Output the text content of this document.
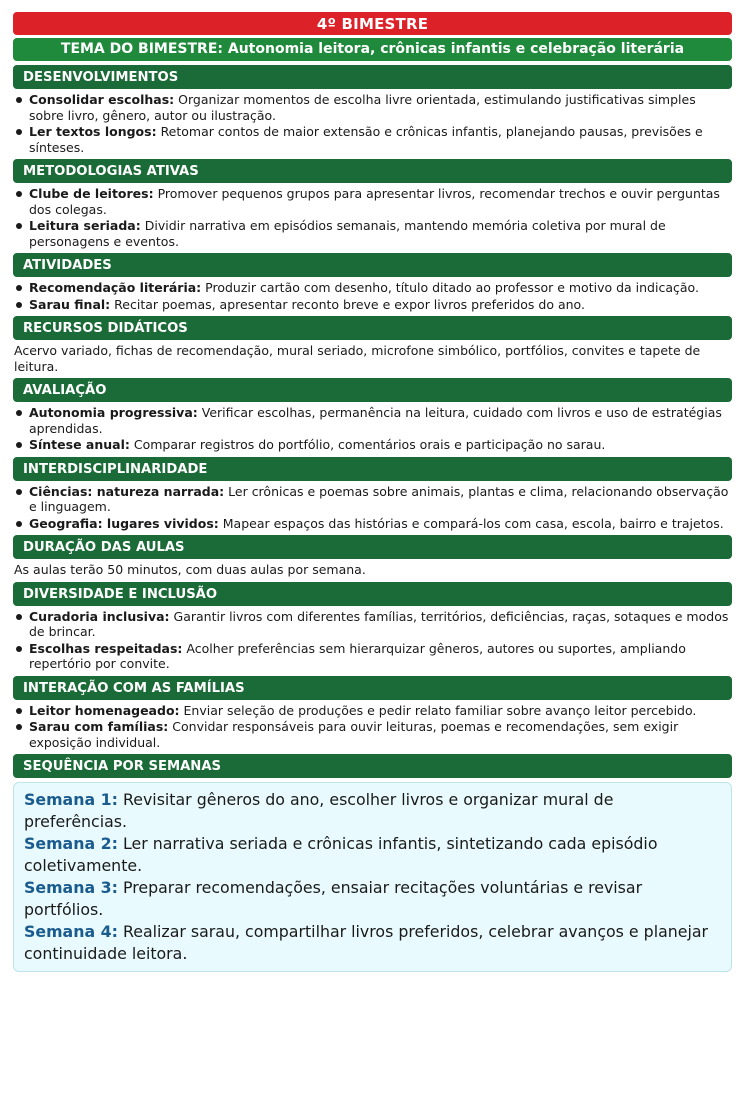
4º BIMESTRE
TEMA DO BIMESTRE: Autonomia leitora, crônicas infantis e celebração literária
DESENVOLVIMENTOS
Consolidar escolhas: Organizar momentos de escolha livre orientada, estimulando justificativas simples sobre livro, gênero, autor ou ilustração.
Ler textos longos: Retomar contos de maior extensão e crônicas infantis, planejando pausas, previsões e sínteses.
METODOLOGIAS ATIVAS
Clube de leitores: Promover pequenos grupos para apresentar livros, recomendar trechos e ouvir perguntas dos colegas.
Leitura seriada: Dividir narrativa em episódios semanais, mantendo memória coletiva por mural de personagens e eventos.
ATIVIDADES
Recomendação literária: Produzir cartão com desenho, título ditado ao professor e motivo da indicação.
Sarau final: Recitar poemas, apresentar reconto breve e expor livros preferidos do ano.
RECURSOS DIDÁTICOS
Acervo variado, fichas de recomendação, mural seriado, microfone simbólico, portfólios, convites e tapete de leitura.
AVALIAÇÃO
Autonomia progressiva: Verificar escolhas, permanência na leitura, cuidado com livros e uso de estratégias aprendidas.
Síntese anual: Comparar registros do portfólio, comentários orais e participação no sarau.
INTERDISCIPLINARIDADE
Ciências: natureza narrada: Ler crônicas e poemas sobre animais, plantas e clima, relacionando observação e linguagem.
Geografia: lugares vividos: Mapear espaços das histórias e compará-los com casa, escola, bairro e trajetos.
DURAÇÃO DAS AULAS
As aulas terão 50 minutos, com duas aulas por semana.
DIVERSIDADE E INCLUSÃO
Curadoria inclusiva: Garantir livros com diferentes famílias, territórios, deficiências, raças, sotaques e modos de brincar.
Escolhas respeitadas: Acolher preferências sem hierarquizar gêneros, autores ou suportes, ampliando repertório por convite.
INTERAÇÃO COM AS FAMÍLIAS
Leitor homenageado: Enviar seleção de produções e pedir relato familiar sobre avanço leitor percebido.
Sarau com famílias: Convidar responsáveis para ouvir leituras, poemas e recomendações, sem exigir exposição individual.
SEQUÊNCIA POR SEMANAS
Semana 1: Revisitar gêneros do ano, escolher livros e organizar mural de preferências.
Semana 2: Ler narrativa seriada e crônicas infantis, sintetizando cada episódio coletivamente.
Semana 3: Preparar recomendações, ensaiar recitações voluntárias e revisar portfólios.
Semana 4: Realizar sarau, compartilhar livros preferidos, celebrar avanços e planejar continuidade leitora.
